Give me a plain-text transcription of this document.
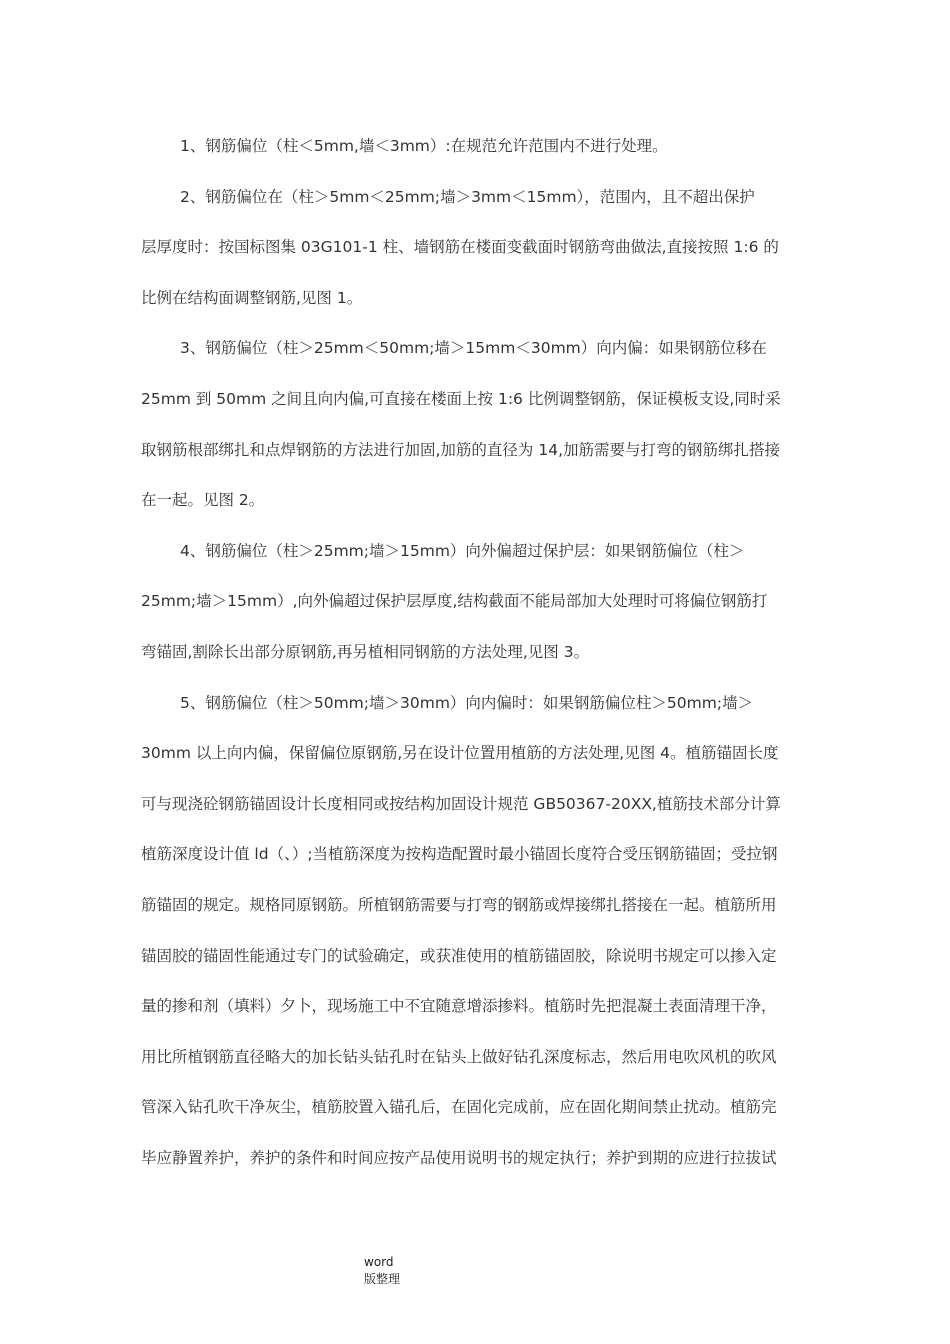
1、钢筋偏位（柱＜5mm,墙＜3mm）:在规范允许范围内不进行处理。
2、钢筋偏位在（柱＞5mm＜25mm;墙＞3mm＜15mm），范围内，且不超出保护
层厚度时：按国标图集 03G101-1 柱、墙钢筋在楼面变截面时钢筋弯曲做法,直接按照 1:6 的
比例在结构面调整钢筋,见图 1。
3、钢筋偏位（柱＞25mm＜50mm;墙＞15mm＜30mm）向内偏：如果钢筋位移在
25mm 到 50mm 之间且向内偏,可直接在楼面上按 1:6 比例调整钢筋，保证模板支设,同时采
取钢筋根部绑扎和点焊钢筋的方法进行加固,加筋的直径为 14,加筋需要与打弯的钢筋绑扎搭接
在一起。见图 2。
4、钢筋偏位（柱＞25mm;墙＞15mm）向外偏超过保护层：如果钢筋偏位（柱＞
25mm;墙＞15mm）,向外偏超过保护层厚度,结构截面不能局部加大处理时可将偏位钢筋打
弯锚固,割除长出部分原钢筋,再另植相同钢筋的方法处理,见图 3。
5、钢筋偏位（柱＞50mm;墙＞30mm）向内偏时：如果钢筋偏位柱＞50mm;墙＞
30mm 以上向内偏，保留偏位原钢筋,另在设计位置用植筋的方法处理,见图 4。植筋锚固长度
可与现浇砼钢筋锚固设计长度相同或按结构加固设计规范 GB50367-20XX,植筋技术部分计算
植筋深度设计值 ld（、）;当植筋深度为按构造配置时最小锚固长度符合受压钢筋锚固；受拉钢
筋锚固的规定。规格同原钢筋。所植钢筋需要与打弯的钢筋或焊接绑扎搭接在一起。植筋所用
锚固胶的锚固性能通过专门的试验确定，或获准使用的植筋锚固胶，除说明书规定可以掺入定
量的掺和剂（填料）夕卜，现场施工中不宜随意增添掺料。植筋时先把混凝土表面清理干净，
用比所植钢筋直径略大的加长钻头钻孔时在钻头上做好钻孔深度标志，然后用电吹风机的吹风
管深入钻孔吹干净灰尘，植筋胶置入锚孔后，在固化完成前，应在固化期间禁止扰动。植筋完
毕应静置养护，养护的条件和时间应按产品使用说明书的规定执行；养护到期的应进行拉拔试
word
版整理
